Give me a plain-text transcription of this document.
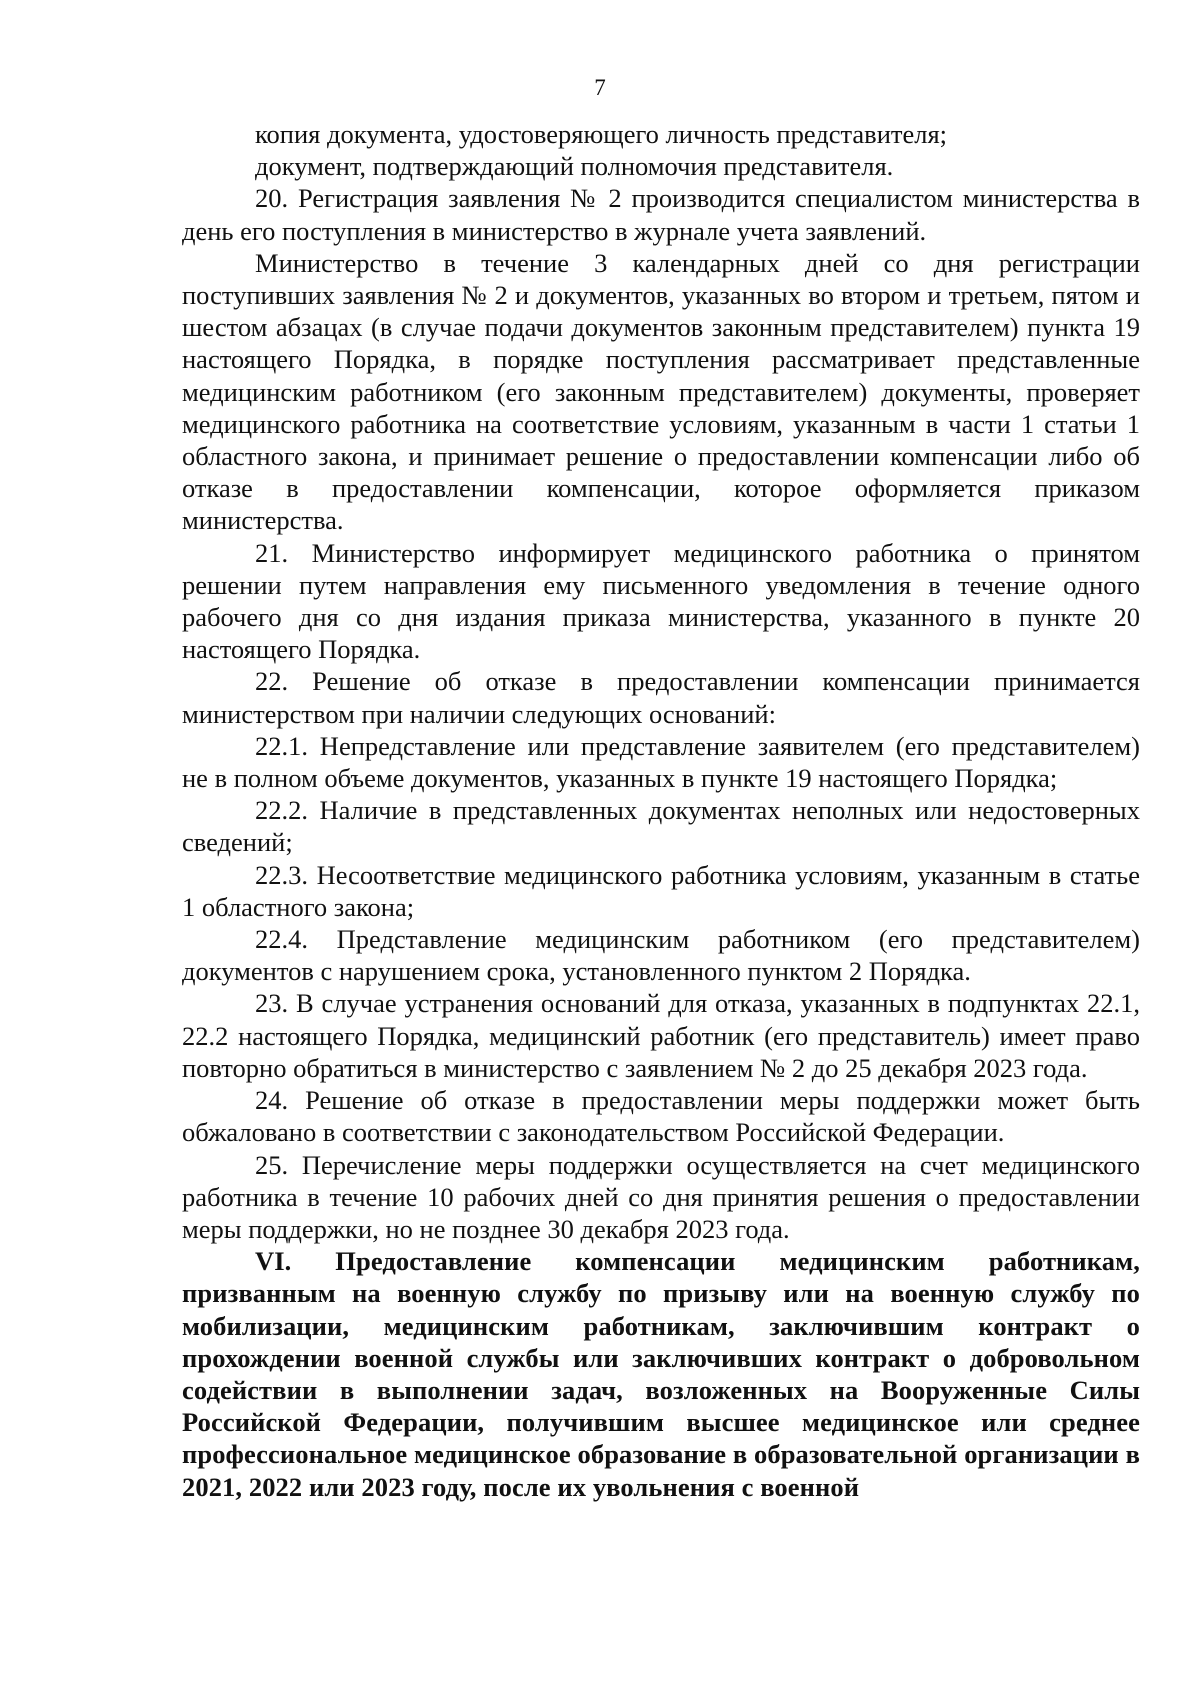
7

копия документа, удостоверяющего личность представителя;

документ, подтверждающий полномочия представителя.

20. Регистрация заявления № 2 производится специалистом министерства в день его поступления в министерство в журнале учета заявлений.

Министерство в течение 3 календарных дней со дня регистрации поступивших заявления № 2 и документов, указанных во втором и третьем, пятом и шестом абзацах (в случае подачи документов законным представителем) пункта 19 настоящего Порядка, в порядке поступления рассматривает представленные медицинским работником (его законным представителем) документы, проверяет медицинского работника на соответствие условиям, указанным в части 1 статьи 1 областного закона, и принимает решение о предоставлении компенсации либо об отказе в предоставлении компенсации, которое оформляется приказом министерства.

21. Министерство информирует медицинского работника о принятом решении путем направления ему письменного уведомления в течение одного рабочего дня со дня издания приказа министерства, указанного в пункте 20 настоящего Порядка.

22. Решение об отказе в предоставлении компенсации принимается министерством при наличии следующих оснований:

22.1. Непредставление или представление заявителем (его представителем) не в полном объеме документов, указанных в пункте 19 настоящего Порядка;

22.2. Наличие в представленных документах неполных или недостоверных сведений;

22.3. Несоответствие медицинского работника условиям, указанным в статье 1 областного закона;

22.4. Представление медицинским работником (его представителем) документов с нарушением срока, установленного пунктом 2 Порядка.

23. В случае устранения оснований для отказа, указанных в подпунктах 22.1, 22.2 настоящего Порядка, медицинский работник (его представитель) имеет право повторно обратиться в министерство с заявлением № 2 до 25 декабря 2023 года.

24. Решение об отказе в предоставлении меры поддержки может быть обжаловано в соответствии с законодательством Российской Федерации.

25. Перечисление меры поддержки осуществляется на счет медицинского работника в течение 10 рабочих дней со дня принятия решения о предоставлении меры поддержки, но не позднее 30 декабря 2023 года.

VI. Предоставление компенсации медицинским работникам, призванным на военную службу по призыву или на военную службу по мобилизации, медицинским работникам, заключившим контракт о прохождении военной службы или заключивших контракт о добровольном содействии в выполнении задач, возложенных на Вооруженные Силы Российской Федерации, получившим высшее медицинское или среднее профессиональное медицинское образование в образовательной организации в 2021, 2022 или 2023 году, после их увольнения с военной
